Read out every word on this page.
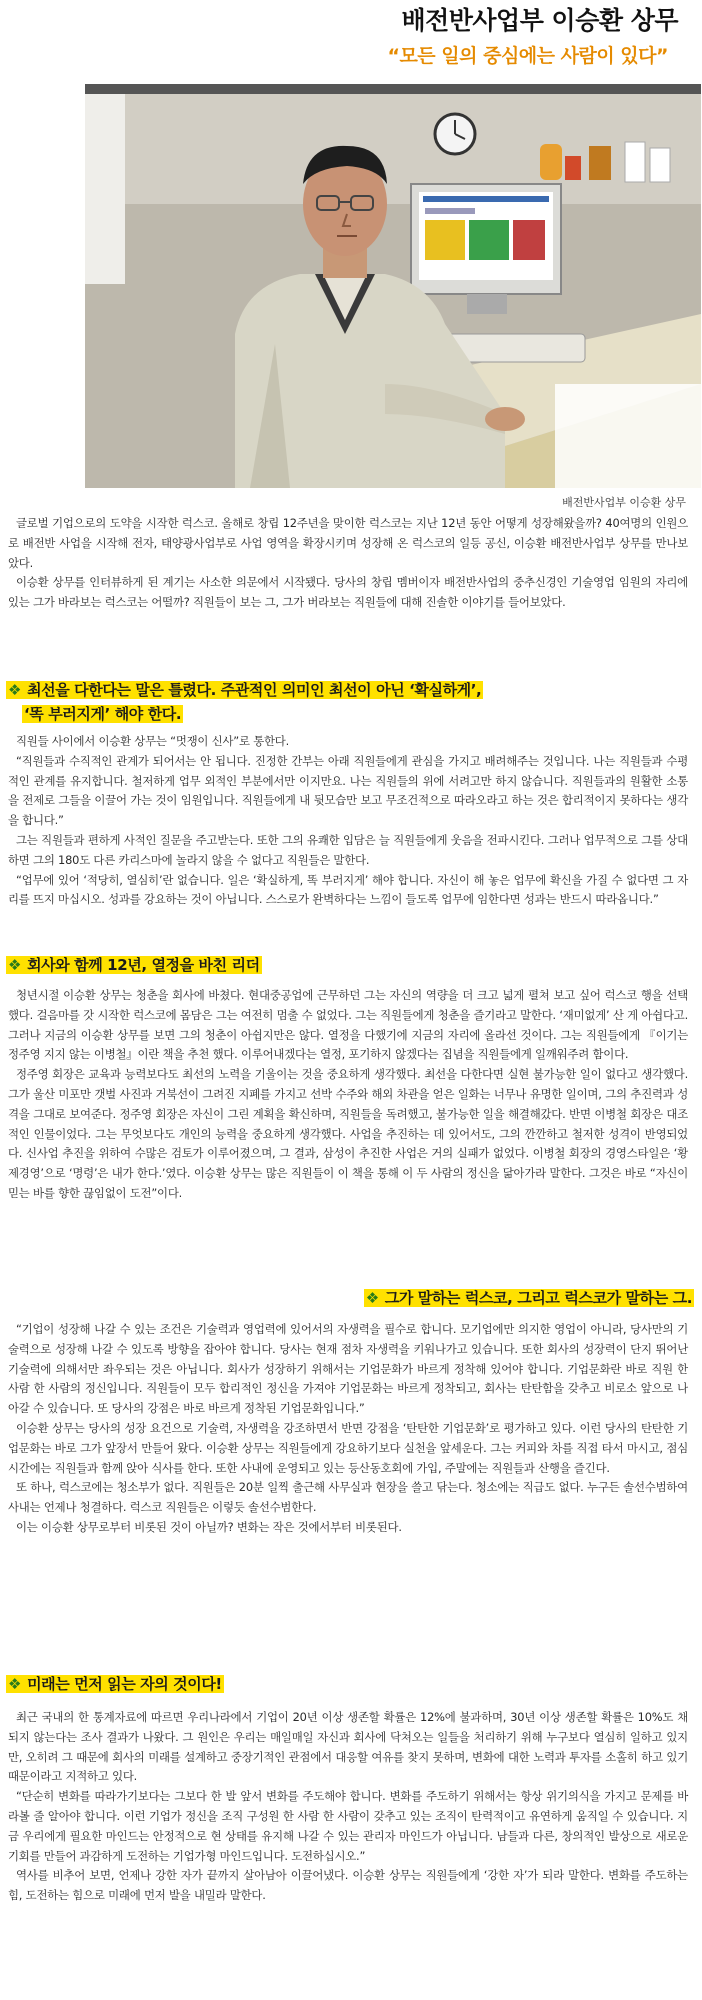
배전반사업부 이승환 상무
“모든 일의 중심에는 사람이 있다”
배전반사업부 이승환 상무

글로벌 기업으로의 도약을 시작한 럭스코. 올해로 창립 12주년을 맞이한 럭스코는 지난 12년 동안 어떻게 성장해왔을까? 40여명의 인원으로 배전반 사업을 시작해 전자, 태양광사업부로 사업 영역을 확장시키며 성장해 온 럭스코의 일등 공신, 이승환 배전반사업부 상무를 만나보았다.

이승환 상무를 인터뷰하게 된 계기는 사소한 의문에서 시작됐다. 당사의 창립 멤버이자 배전반사업의 중추신경인 기술영업 임원의 자리에 있는 그가 바라보는 럭스코는 어떨까? 직원들이 보는 그, 그가 버라보는 직원들에 대해 진솔한 이야기를 들어보았다.

❖ 최선을 다한다는 말은 틀렸다. 주관적인 의미인 최선이 아닌 ‘확실하게’,
‘똑 부러지게’ 해야 한다.

직원들 사이에서 이승환 상무는 “멋쟁이 신사”로 통한다.

“직원들과 수직적인 관계가 되어서는 안 됩니다. 진정한 간부는 아래 직원들에게 관심을 가지고 배려해주는 것입니다. 나는 직원들과 수평적인 관계를 유지합니다. 철저하게 업무 외적인 부분에서만 이지만요. 나는 직원들의 위에 서려고만 하지 않습니다. 직원들과의 원활한 소통을 전제로 그들을 이끌어 가는 것이 임원입니다. 직원들에게 내 뒷모습만 보고 무조건적으로 따라오라고 하는 것은 합리적이지 못하다는 생각을 합니다.”

그는 직원들과 편하게 사적인 질문을 주고받는다. 또한 그의 유쾌한 입담은 늘 직원들에게 웃음을 전파시킨다. 그러나 업무적으로 그를 상대하면 그의 180도 다른 카리스마에 놀라지 않을 수 없다고 직원들은 말한다.

“업무에 있어 ‘적당히, 열심히’란 없습니다. 일은 ‘확실하게, 똑 부러지게’ 해야 합니다. 자신이 해 놓은 업무에 확신을 가질 수 없다면 그 자리를 뜨지 마십시오. 성과를 강요하는 것이 아닙니다. 스스로가 완벽하다는 느낌이 들도록 업무에 임한다면 성과는 반드시 따라옵니다.”

❖ 회사와 함께 12년, 열정을 바친 리더

청년시절 이승환 상무는 청춘을 회사에 바쳤다. 현대중공업에 근무하던 그는 자신의 역량을 더 크고 넓게 펼쳐 보고 싶어 럭스코 행을 선택했다. 걸음마를 갓 시작한 럭스코에 몸담은 그는 여전히 멈출 수 없었다. 그는 직원들에게 청춘을 즐기라고 말한다. ‘재미없게’ 산 게 아쉽다고. 그러나 지금의 이승환 상무를 보면 그의 청춘이 아쉽지만은 않다. 열정을 다했기에 지금의 자리에 올라선 것이다. 그는 직원들에게 『이기는 정주영 지지 않는 이병철』이란 책을 추천 했다. 이루어내겠다는 열정, 포기하지 않겠다는 집념을 직원들에게 일깨워주려 함이다.

정주영 회장은 교육과 능력보다도 최선의 노력을 기울이는 것을 중요하게 생각했다. 최선을 다한다면 실현 불가능한 일이 없다고 생각했다. 그가 울산 미포만 갯벌 사진과 거북선이 그려진 지폐를 가지고 선박 수주와 해외 차관을 얻은 일화는 너무나 유명한 일이며, 그의 추진력과 성격을 그대로 보여준다. 정주영 회장은 자신이 그린 계획을 확신하며, 직원들을 독려했고, 불가능한 일을 해결해갔다. 반면 이병철 회장은 대조적인 인물이었다. 그는 무엇보다도 개인의 능력을 중요하게 생각했다. 사업을 추진하는 데 있어서도, 그의 깐깐하고 철저한 성격이 반영되었다. 신사업 추진을 위하여 수많은 검토가 이루어졌으며, 그 결과, 삼성이 추진한 사업은 거의 실패가 없었다. 이병철 회장의 경영스타일은 ‘황제경영’으로 ‘명령’은 내가 한다.’였다. 이승환 상무는 많은 직원들이 이 책을 통해 이 두 사람의 정신을 닮아가라 말한다. 그것은 바로 “자신이 믿는 바를 향한 끊임없이 도전”이다.

❖ 그가 말하는 럭스코, 그리고 럭스코가 말하는 그.

“기업이 성장해 나갈 수 있는 조건은 기술력과 영업력에 있어서의 자생력을 필수로 합니다. 모기업에만 의지한 영업이 아니라, 당사만의 기술력으로 성장해 나갈 수 있도록 방향을 잡아야 합니다. 당사는 현재 점차 자생력을 키워나가고 있습니다. 또한 회사의 성장력이 단지 뛰어난 기술력에 의해서만 좌우되는 것은 아닙니다. 회사가 성장하기 위해서는 기업문화가 바르게 정착해 있어야 합니다. 기업문화란 바로 직원 한 사람 한 사람의 정신입니다. 직원들이 모두 합리적인 정신을 가져야 기업문화는 바르게 정착되고, 회사는 탄탄함을 갖추고 비로소 앞으로 나아갈 수 있습니다. 또 당사의 강점은 바로 바르게 정착된 기업문화입니다.”

이승환 상무는 당사의 성장 요건으로 기술력, 자생력을 강조하면서 반면 강점을 ‘탄탄한 기업문화’로 평가하고 있다. 이런 당사의 탄탄한 기업문화는 바로 그가 앞장서 만들어 왔다. 이승환 상무는 직원들에게 강요하기보다 실천을 앞세운다. 그는 커피와 차를 직접 타서 마시고, 점심시간에는 직원들과 함께 앉아 식사를 한다. 또한 사내에 운영되고 있는 등산동호회에 가입, 주말에는 직원들과 산행을 즐긴다.

또 하나, 럭스코에는 청소부가 없다. 직원들은 20분 일찍 출근해 사무실과 현장을 쓸고 닦는다. 청소에는 직급도 없다. 누구든 솔선수범하여 사내는 언제나 청결하다. 럭스코 직원들은 이렇듯 솔선수범한다.

이는 이승환 상무로부터 비롯된 것이 아닐까? 변화는 작은 것에서부터 비롯된다.

❖ 미래는 먼저 읽는 자의 것이다!

최근 국내의 한 통계자료에 따르면 우리나라에서 기업이 20년 이상 생존할 확률은 12%에 불과하며, 30년 이상 생존할 확률은 10%도 채 되지 않는다는 조사 결과가 나왔다. 그 원인은 우리는 매일매일 자신과 회사에 닥쳐오는 일들을 처리하기 위해 누구보다 열심히 일하고 있지만, 오히려 그 때문에 회사의 미래를 설계하고 중장기적인 관점에서 대응할 여유를 찾지 못하며, 변화에 대한 노력과 투자를 소홀히 하고 있기 때문이라고 지적하고 있다.

“단순히 변화를 따라가기보다는 그보다 한 발 앞서 변화를 주도해야 합니다. 변화를 주도하기 위해서는 항상 위기의식을 가지고 문제를 바라볼 줄 알아야 합니다. 이런 기업가 정신을 조직 구성원 한 사람 한 사람이 갖추고 있는 조직이 탄력적이고 유연하게 움직일 수 있습니다. 지금 우리에게 필요한 마인드는 안정적으로 현 상태를 유지해 나갈 수 있는 관리자 마인드가 아닙니다. 남들과 다른, 창의적인 발상으로 새로운 기회를 만들어 과감하게 도전하는 기업가형 마인드입니다. 도전하십시오.”

역사를 비추어 보면, 언제나 강한 자가 끝까지 살아남아 이끌어냈다. 이승환 상무는 직원들에게 ‘강한 자’가 되라 말한다. 변화를 주도하는 힘, 도전하는 힘으로 미래에 먼저 발을 내밀라 말한다.
